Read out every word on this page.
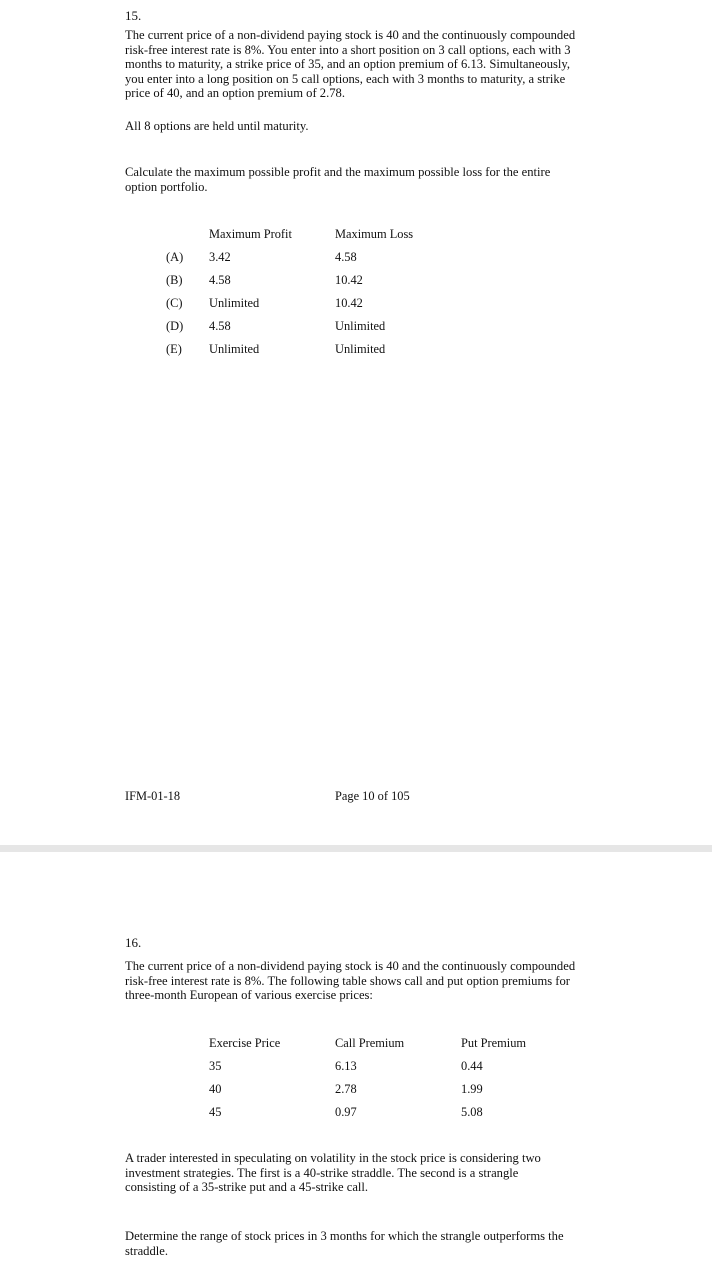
15.
The current price of a non-dividend paying stock is 40 and the continuously compounded
risk-free interest rate is 8%. You enter into a short position on 3 call options, each with 3
months to maturity, a strike price of 35, and an option premium of 6.13. Simultaneously,
you enter into a long position on 5 call options, each with 3 months to maturity, a strike
price of 40, and an option premium of 2.78.
All 8 options are held until maturity.
Calculate the maximum possible profit and the maximum possible loss for the entire
option portfolio.
Maximum Profit	Maximum Loss
(A) 3.42	4.58
(B) 4.58	10.42
(C) Unlimited	10.42
(D) 4.58	Unlimited
(E) Unlimited	Unlimited
IFM-01-18	Page 10 of 105
16.
The current price of a non-dividend paying stock is 40 and the continuously compounded
risk-free interest rate is 8%. The following table shows call and put option premiums for
three-month European of various exercise prices:
Exercise Price	Call Premium	Put Premium
35	6.13	0.44
40	2.78	1.99
45	0.97	5.08
A trader interested in speculating on volatility in the stock price is considering two
investment strategies. The first is a 40-strike straddle. The second is a strangle
consisting of a 35-strike put and a 45-strike call.
Determine the range of stock prices in 3 months for which the strangle outperforms the
straddle.
